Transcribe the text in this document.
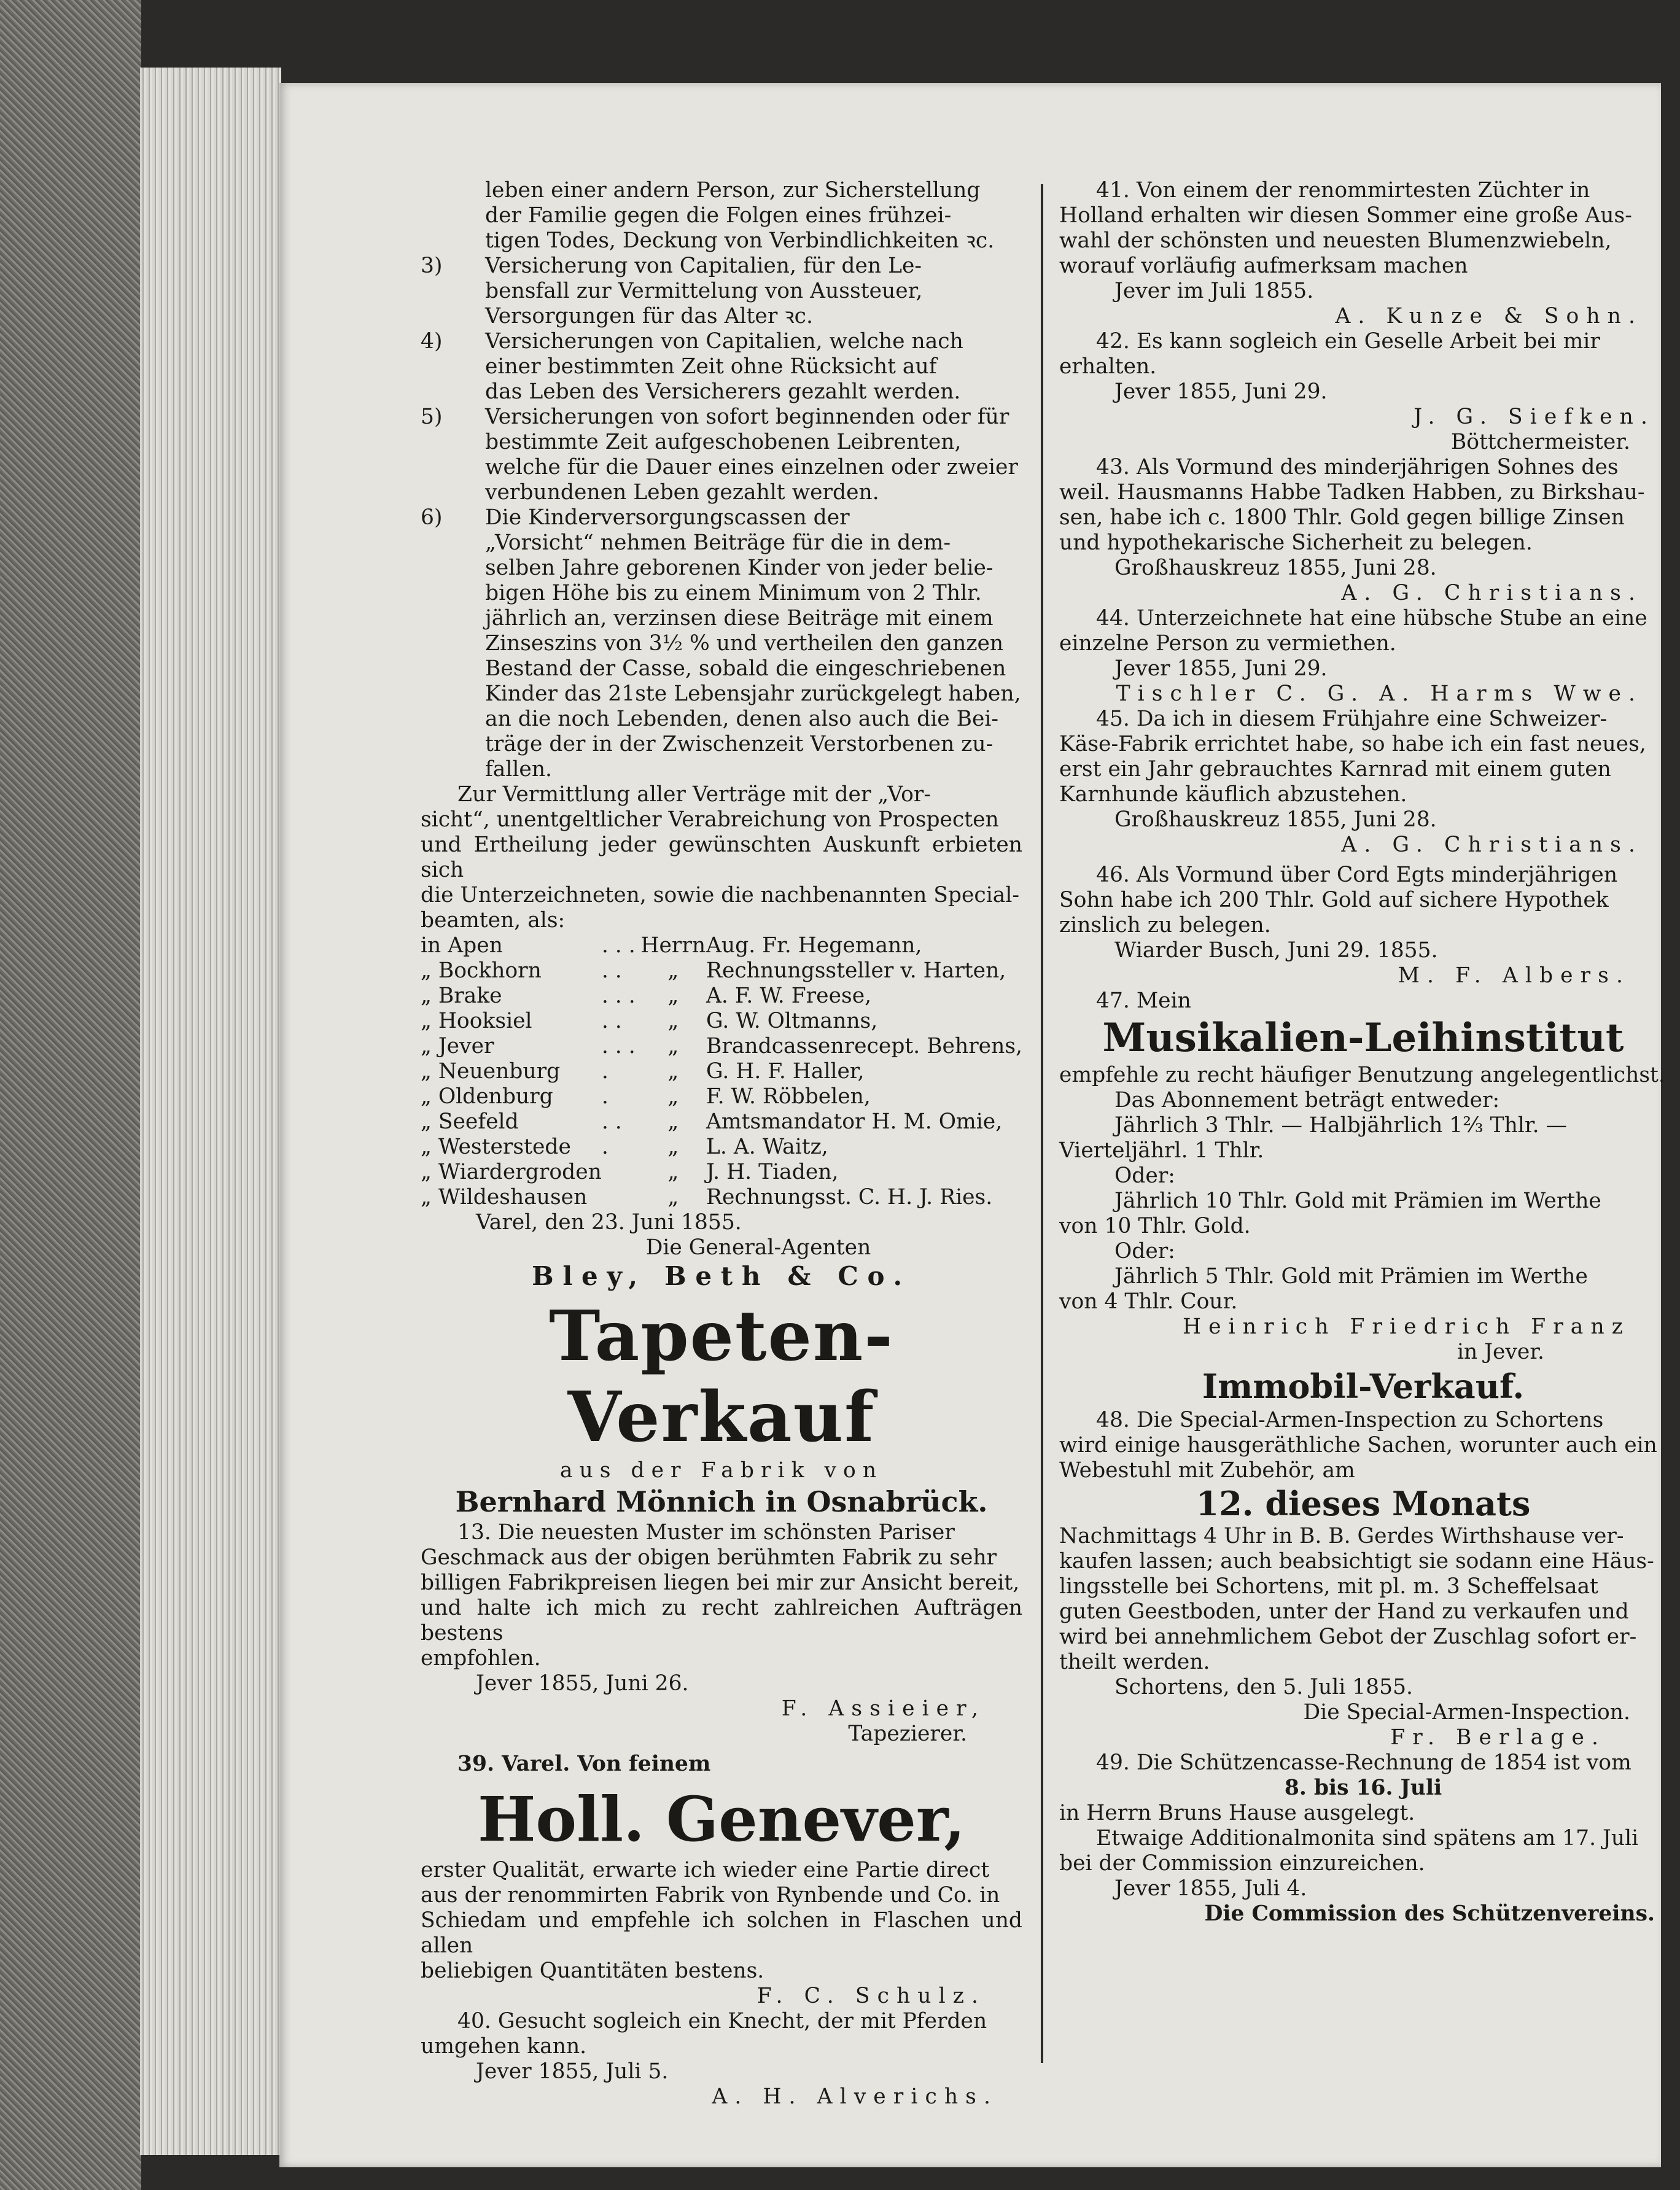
leben einer andern Person, zur Sicherstellung

der Familie gegen die Folgen eines frühzei-

tigen Todes, Deckung von Verbindlichkeiten ꝛc.

3)	Versicherung von Capitalien, für den Le-

bensfall zur Vermittelung von Aussteuer,

Versorgungen für das Alter ꝛc.

4)	Versicherungen von Capitalien, welche nach

einer bestimmten Zeit ohne Rücksicht auf

das Leben des Versicherers gezahlt werden.

5)	Versicherungen von sofort beginnenden oder für

bestimmte Zeit aufgeschobenen Leibrenten,

welche für die Dauer eines einzelnen oder zweier

verbundenen Leben gezahlt werden.

6)	Die Kinderversorgungscassen der

„Vorsicht“ nehmen Beiträge für die in dem-

selben Jahre geborenen Kinder von jeder belie-

bigen Höhe bis zu einem Minimum von 2 Thlr.

jährlich an, verzinsen diese Beiträge mit einem

Zinseszins von 3½ % und vertheilen den ganzen

Bestand der Casse, sobald die eingeschriebenen

Kinder das 21ste Lebensjahr zurückgelegt haben,

an die noch Lebenden, denen also auch die Bei-

träge der in der Zwischenzeit Verstorbenen zu-

fallen.

Zur Vermittlung aller Verträge mit der „Vor-

sicht“, unentgeltlicher Verabreichung von Prospecten

und Ertheilung jeder gewünschten Auskunft erbieten sich

die Unterzeichneten, sowie die nachbenannten Special-

beamten, als:

in Apen	. . .	Herrn	Aug. Fr. Hegemann,
„ Bockhorn	. .	„	Rechnungssteller v. Harten,
„ Brake	. . .	„	A. F. W. Freese,
„ Hooksiel	. .	„	G. W. Oltmanns,
„ Jever	. . .	„	Brandcassenrecept. Behrens,
„ Neuenburg	.	„	G. H. F. Haller,
„ Oldenburg	.	„	F. W. Röbbelen,
„ Seefeld	. .	„	Amtsmandator H. M. Omie,
„ Westerstede	.	„	L. A. Waitz,
„ Wiardergroden		„	J. H. Tiaden,
„ Wildeshausen		„	Rechnungsst. C. H. J. Ries.

Varel, den 23. Juni 1855.

Die General-Agenten

Bley, Beth & Co.

Tapeten-Verkauf

aus der Fabrik von

Bernhard Mönnich in Osnabrück.

13. Die neuesten Muster im schönsten Pariser

Geschmack aus der obigen berühmten Fabrik zu sehr

billigen Fabrikpreisen liegen bei mir zur Ansicht bereit,

und halte ich mich zu recht zahlreichen Aufträgen bestens

empfohlen.

Jever 1855, Juni 26.

F. Assieier,

Tapezierer.

39. Varel. Von feinem

Holl. Genever,

erster Qualität, erwarte ich wieder eine Partie direct

aus der renommirten Fabrik von Rynbende und Co. in

Schiedam und empfehle ich solchen in Flaschen und allen

beliebigen Quantitäten bestens.

F. C. Schulz.

40. Gesucht sogleich ein Knecht, der mit Pferden

umgehen kann.

Jever 1855, Juli 5.

A. H. Alverichs.

41. Von einem der renommirtesten Züchter in

Holland erhalten wir diesen Sommer eine große Aus-

wahl der schönsten und neuesten Blumenzwiebeln,

worauf vorläufig aufmerksam machen

Jever im Juli 1855.

A. Kunze & Sohn.

42. Es kann sogleich ein Geselle Arbeit bei mir

erhalten.

Jever 1855, Juni 29.

J. G. Siefken.

Böttchermeister.

43. Als Vormund des minderjährigen Sohnes des

weil. Hausmanns Habbe Tadken Habben, zu Birkshau-

sen, habe ich c. 1800 Thlr. Gold gegen billige Zinsen

und hypothekarische Sicherheit zu belegen.

Großhauskreuz 1855, Juni 28.

A. G. Christians.

44. Unterzeichnete hat eine hübsche Stube an eine

einzelne Person zu vermiethen.

Jever 1855, Juni 29.

Tischler C. G. A. Harms Wwe.

45. Da ich in diesem Frühjahre eine Schweizer-

Käse-Fabrik errichtet habe, so habe ich ein fast neues,

erst ein Jahr gebrauchtes Karnrad mit einem guten

Karnhunde käuflich abzustehen.

Großhauskreuz 1855, Juni 28.

A. G. Christians.

46. Als Vormund über Cord Egts minderjährigen

Sohn habe ich 200 Thlr. Gold auf sichere Hypothek

zinslich zu belegen.

Wiarder Busch, Juni 29. 1855.

M. F. Albers.

47. Mein

Musikalien-Leihinstitut

empfehle zu recht häufiger Benutzung angelegentlichst.

Das Abonnement beträgt entweder:

Jährlich 3 Thlr. — Halbjährlich 1⅔ Thlr. —

Vierteljährl. 1 Thlr.

Oder:

Jährlich 10 Thlr. Gold mit Prämien im Werthe

von 10 Thlr. Gold.

Oder:

Jährlich 5 Thlr. Gold mit Prämien im Werthe

von 4 Thlr. Cour.

Heinrich Friedrich Franz

in Jever.

Immobil-Verkauf.

48. Die Special-Armen-Inspection zu Schortens

wird einige hausgeräthliche Sachen, worunter auch ein

Webestuhl mit Zubehör, am

12. dieses Monats

Nachmittags 4 Uhr in B. B. Gerdes Wirthshause ver-

kaufen lassen; auch beabsichtigt sie sodann eine Häus-

lingsstelle bei Schortens, mit pl. m. 3 Scheffelsaat

guten Geestboden, unter der Hand zu verkaufen und

wird bei annehmlichem Gebot der Zuschlag sofort er-

theilt werden.

Schortens, den 5. Juli 1855.

Die Special-Armen-Inspection.

Fr. Berlage.

49. Die Schützencasse-Rechnung de 1854 ist vom

8. bis 16. Juli

in Herrn Bruns Hause ausgelegt.

Etwaige Additionalmonita sind spätens am 17. Juli

bei der Commission einzureichen.

Jever 1855, Juli 4.

Die Commission des Schützenvereins.
